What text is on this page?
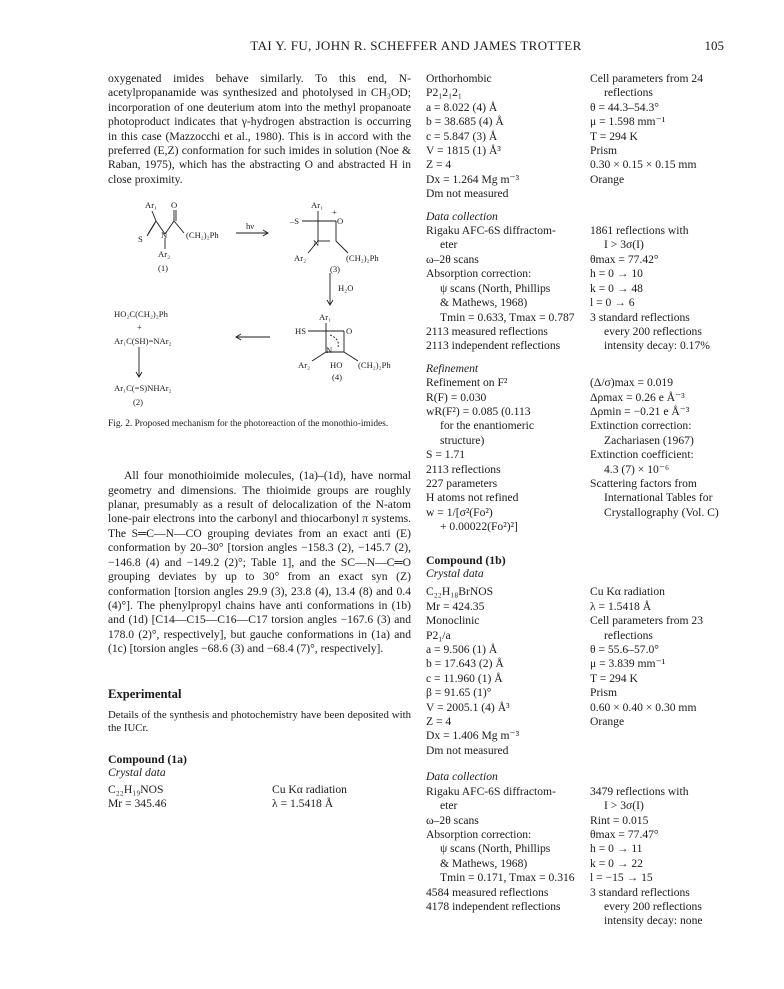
TAI Y. FU, JOHN R. SCHEFFER AND JAMES TROTTER	105
oxygenated imides behave similarly. To this end, N-acetylpropanamide was synthesized and photolysed in CH₃OD; incorporation of one deuterium atom into the methyl propanoate photoproduct indicates that γ-hydrogen abstraction is occurring in this case (Mazzocchi et al., 1980). This is in accord with the preferred (E,Z) conformation for such imides in solution (Noe & Raban, 1975), which has the abstracting O and abstracted H in close proximity.
Ar₁ O
S N (CH₂)₂Ph
Ar₂
(1)
hν
Ar₁
–S
+
O
N
Ar₂	(CH₂)₂Ph
(3)
H₂O
Ar₁
HS	O
N
Ar₂ HO (CH₂)₂Ph
(4)
HO₂C(CH₂)₂Ph
+
Ar₁C(SH)=NAr₂
Ar₁C(=S)NHAr₂
(2)
Fig. 2. Proposed mechanism for the photoreaction of the monothio-imides.
All four monothioimide molecules, (1a)–(1d), have normal geometry and dimensions. The thioimide groups are roughly planar, presumably as a result of delocalization of the N-atom lone-pair electrons into the carbonyl and thiocarbonyl π systems. The S═C—N—CO grouping deviates from an exact anti (E) conformation by 20–30° [torsion angles −158.3 (2), −145.7 (2), −146.8 (4) and −149.2 (2)°; Table 1], and the SC—N—C═O grouping deviates by up to 30° from an exact syn (Z) conformation [torsion angles 29.9 (3), 23.8 (4), 13.4 (8) and 0.4 (4)°]. The phenylpropyl chains have anti conformations in (1b) and (1d) [C14—C15—C16—C17 torsion angles −167.6 (3) and 178.0 (2)°, respectively], but gauche conformations in (1a) and (1c) [torsion angles −68.6 (3) and −68.4 (7)°, respectively].
Experimental
Details of the synthesis and photochemistry have been deposited with the IUCr.
Compound (1a)
Crystal data
C₂₂H₁₉NOS	Cu Kα radiation
Mr = 345.46	λ = 1.5418 Å
Orthorhombic	Cell parameters from 24
P2₁2₁2₁	reflections
a = 8.022 (4) Å	θ = 44.3–54.3°
b = 38.685 (4) Å	μ = 1.598 mm⁻¹
c = 5.847 (3) Å	T = 294 K
V = 1815 (1) Å³	Prism
Z = 4	0.30 × 0.15 × 0.15 mm
Dx = 1.264 Mg m⁻³	Orange
Dm not measured
Data collection
Rigaku AFC-6S diffractom-	1861 reflections with
eter	I > 3σ(I)
ω–2θ scans	θmax = 77.42°
Absorption correction:	h = 0 → 10
ψ scans (North, Phillips	k = 0 → 48
& Mathews, 1968)	l = 0 → 6
Tmin = 0.633, Tmax = 0.787	3 standard reflections
2113 measured reflections	every 200 reflections
2113 independent reflections	intensity decay: 0.17%
Refinement
Refinement on F²	(Δ/σ)max = 0.019
R(F) = 0.030	Δρmax = 0.26 e Å⁻³
wR(F²) = 0.085 (0.113	Δρmin = −0.21 e Å⁻³
for the enantiomeric	Extinction correction:
structure)	Zachariasen (1967)
S = 1.71	Extinction coefficient:
2113 reflections	4.3 (7) × 10⁻⁶
227 parameters	Scattering factors from
H atoms not refined	International Tables for
w = 1/[σ²(Fo²)	Crystallography (Vol. C)
+ 0.00022(Fo²)²]
Compound (1b)
Crystal data
C₂₂H₁₈BrNOS	Cu Kα radiation
Mr = 424.35	λ = 1.5418 Å
Monoclinic	Cell parameters from 23
P2₁/a	reflections
a = 9.506 (1) Å	θ = 55.6–57.0°
b = 17.643 (2) Å	μ = 3.839 mm⁻¹
c = 11.960 (1) Å	T = 294 K
β = 91.65 (1)°	Prism
V = 2005.1 (4) Å³	0.60 × 0.40 × 0.30 mm
Z = 4	Orange
Dx = 1.406 Mg m⁻³
Dm not measured
Data collection
Rigaku AFC-6S diffractom-	3479 reflections with
eter	I > 3σ(I)
ω–2θ scans	Rint = 0.015
Absorption correction:	θmax = 77.47°
ψ scans (North, Phillips	h = 0 → 11
& Mathews, 1968)	k = 0 → 22
Tmin = 0.171, Tmax = 0.316	l = −15 → 15
4584 measured reflections	3 standard reflections
4178 independent reflections	every 200 reflections
intensity decay: none
